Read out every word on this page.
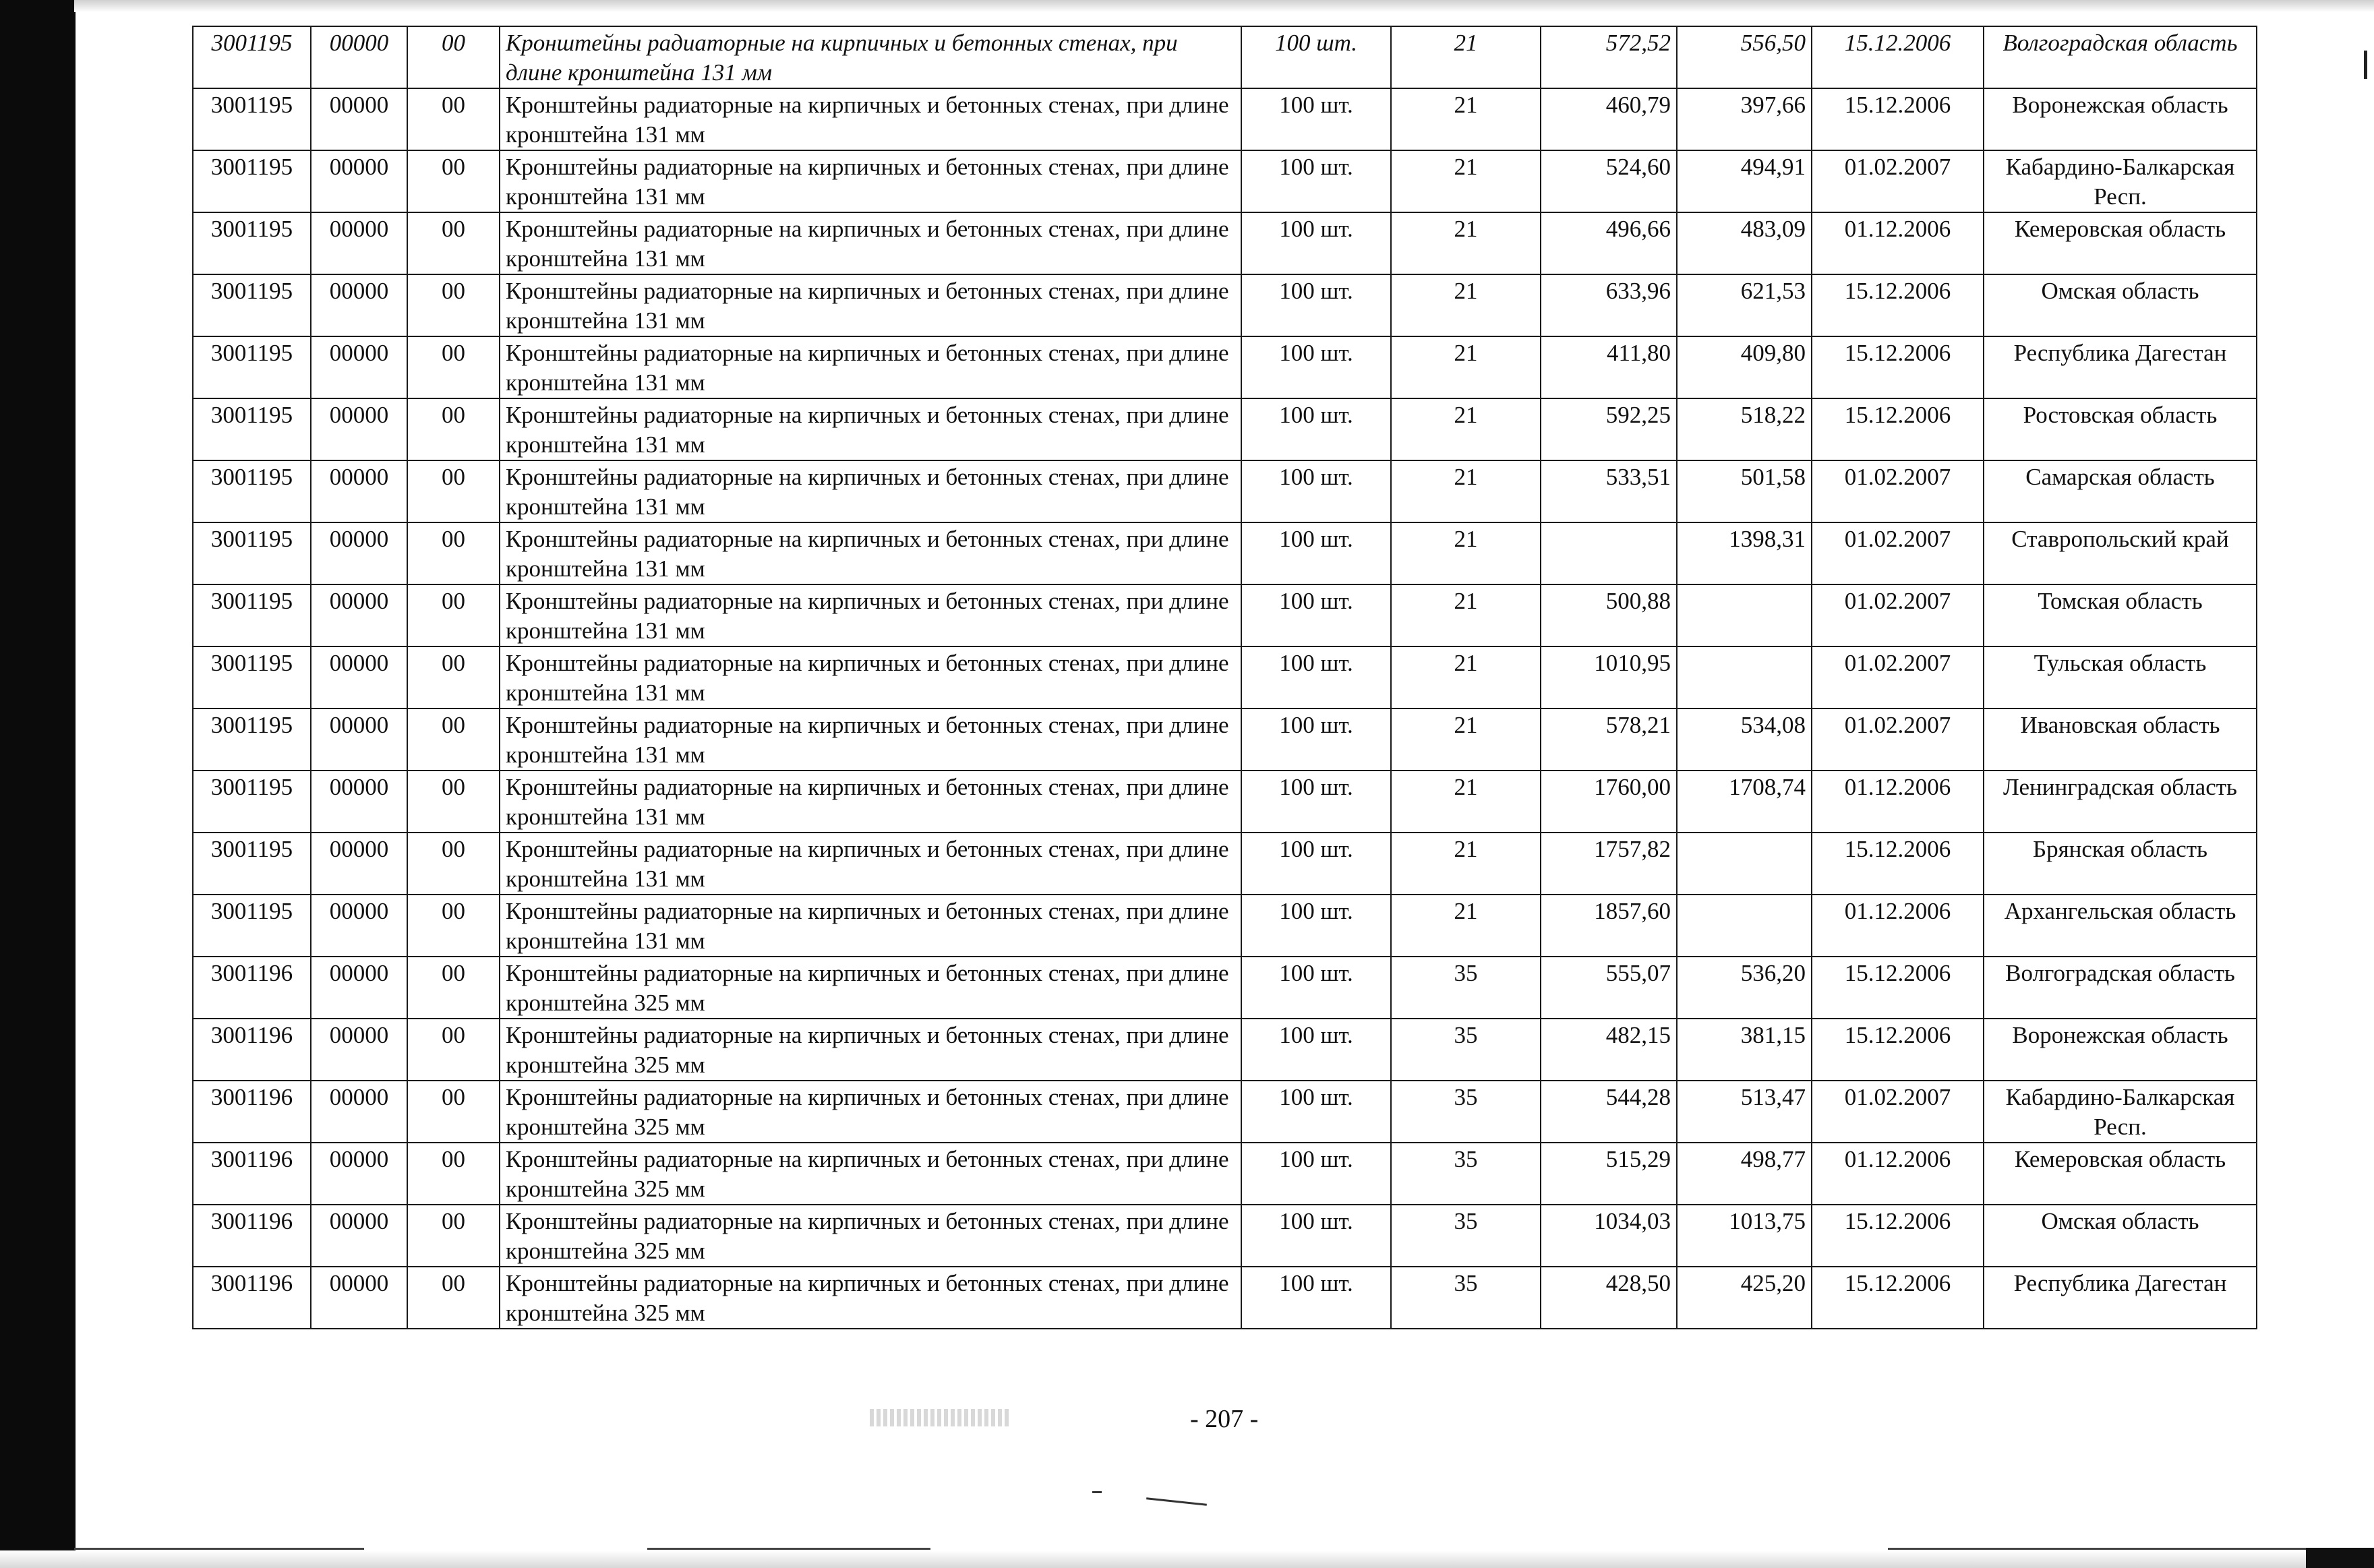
3001195	00000	00	Кронштейны радиаторные на кирпичных и бетонных стенах, при длине кронштейна 131 мм	100 шт.	21	572,52	556,50	15.12.2006	Волгоградская область
3001195	00000	00	Кронштейны радиаторные на кирпичных и бетонных стенах, при длине кронштейна 131 мм	100 шт.	21	460,79	397,66	15.12.2006	Воронежская область
3001195	00000	00	Кронштейны радиаторные на кирпичных и бетонных стенах, при длине кронштейна 131 мм	100 шт.	21	524,60	494,91	01.02.2007	Кабардино-Балкарская Респ.
3001195	00000	00	Кронштейны радиаторные на кирпичных и бетонных стенах, при длине кронштейна 131 мм	100 шт.	21	496,66	483,09	01.12.2006	Кемеровская область
3001195	00000	00	Кронштейны радиаторные на кирпичных и бетонных стенах, при длине кронштейна 131 мм	100 шт.	21	633,96	621,53	15.12.2006	Омская область
3001195	00000	00	Кронштейны радиаторные на кирпичных и бетонных стенах, при длине кронштейна 131 мм	100 шт.	21	411,80	409,80	15.12.2006	Республика Дагестан
3001195	00000	00	Кронштейны радиаторные на кирпичных и бетонных стенах, при длине кронштейна 131 мм	100 шт.	21	592,25	518,22	15.12.2006	Ростовская область
3001195	00000	00	Кронштейны радиаторные на кирпичных и бетонных стенах, при длине кронштейна 131 мм	100 шт.	21	533,51	501,58	01.02.2007	Самарская область
3001195	00000	00	Кронштейны радиаторные на кирпичных и бетонных стенах, при длине кронштейна 131 мм	100 шт.	21		1398,31	01.02.2007	Ставропольский край
3001195	00000	00	Кронштейны радиаторные на кирпичных и бетонных стенах, при длине кронштейна 131 мм	100 шт.	21	500,88		01.02.2007	Томская область
3001195	00000	00	Кронштейны радиаторные на кирпичных и бетонных стенах, при длине кронштейна 131 мм	100 шт.	21	1010,95		01.02.2007	Тульская область
3001195	00000	00	Кронштейны радиаторные на кирпичных и бетонных стенах, при длине кронштейна 131 мм	100 шт.	21	578,21	534,08	01.02.2007	Ивановская область
3001195	00000	00	Кронштейны радиаторные на кирпичных и бетонных стенах, при длине кронштейна 131 мм	100 шт.	21	1760,00	1708,74	01.12.2006	Ленинградская область
3001195	00000	00	Кронштейны радиаторные на кирпичных и бетонных стенах, при длине кронштейна 131 мм	100 шт.	21	1757,82		15.12.2006	Брянская область
3001195	00000	00	Кронштейны радиаторные на кирпичных и бетонных стенах, при длине кронштейна 131 мм	100 шт.	21	1857,60		01.12.2006	Архангельская область
3001196	00000	00	Кронштейны радиаторные на кирпичных и бетонных стенах, при длине кронштейна 325 мм	100 шт.	35	555,07	536,20	15.12.2006	Волгоградская область
3001196	00000	00	Кронштейны радиаторные на кирпичных и бетонных стенах, при длине кронштейна 325 мм	100 шт.	35	482,15	381,15	15.12.2006	Воронежская область
3001196	00000	00	Кронштейны радиаторные на кирпичных и бетонных стенах, при длине кронштейна 325 мм	100 шт.	35	544,28	513,47	01.02.2007	Кабардино-Балкарская Респ.
3001196	00000	00	Кронштейны радиаторные на кирпичных и бетонных стенах, при длине кронштейна 325 мм	100 шт.	35	515,29	498,77	01.12.2006	Кемеровская область
3001196	00000	00	Кронштейны радиаторные на кирпичных и бетонных стенах, при длине кронштейна 325 мм	100 шт.	35	1034,03	1013,75	15.12.2006	Омская область
3001196	00000	00	Кронштейны радиаторные на кирпичных и бетонных стенах, при длине кронштейна 325 мм	100 шт.	35	428,50	425,20	15.12.2006	Республика Дагестан
- 207 -
